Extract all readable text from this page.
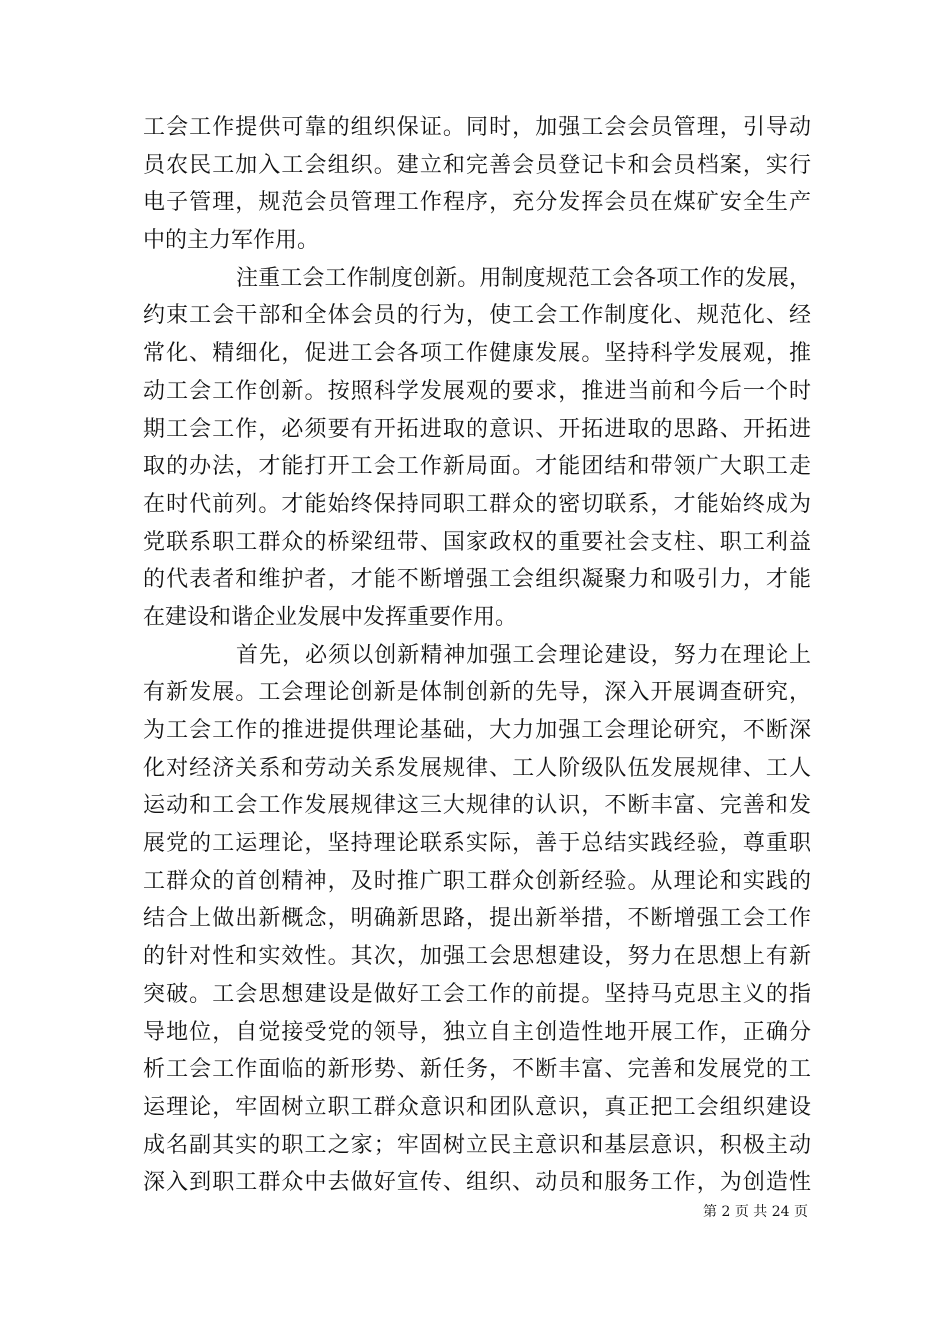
工会工作提供可靠的组织保证。同时，加强工会会员管理，引导动
员农民工加入工会组织。建立和完善会员登记卡和会员档案，实行
电子管理，规范会员管理工作程序，充分发挥会员在煤矿安全生产
中的主力军作用。
注重工会工作制度创新。用制度规范工会各项工作的发展，
约束工会干部和全体会员的行为，使工会工作制度化、规范化、经
常化、精细化，促进工会各项工作健康发展。坚持科学发展观，推
动工会工作创新。按照科学发展观的要求，推进当前和今后一个时
期工会工作，必须要有开拓进取的意识、开拓进取的思路、开拓进
取的办法，才能打开工会工作新局面。才能团结和带领广大职工走
在时代前列。才能始终保持同职工群众的密切联系，才能始终成为
党联系职工群众的桥梁纽带、国家政权的重要社会支柱、职工利益
的代表者和维护者，才能不断增强工会组织凝聚力和吸引力，才能
在建设和谐企业发展中发挥重要作用。
首先，必须以创新精神加强工会理论建设，努力在理论上
有新发展。工会理论创新是体制创新的先导，深入开展调查研究，
为工会工作的推进提供理论基础，大力加强工会理论研究，不断深
化对经济关系和劳动关系发展规律、工人阶级队伍发展规律、工人
运动和工会工作发展规律这三大规律的认识，不断丰富、完善和发
展党的工运理论，坚持理论联系实际，善于总结实践经验，尊重职
工群众的首创精神，及时推广职工群众创新经验。从理论和实践的
结合上做出新概念，明确新思路，提出新举措，不断增强工会工作
的针对性和实效性。其次，加强工会思想建设，努力在思想上有新
突破。工会思想建设是做好工会工作的前提。坚持马克思主义的指
导地位，自觉接受党的领导，独立自主创造性地开展工作，正确分
析工会工作面临的新形势、新任务，不断丰富、完善和发展党的工
运理论，牢固树立职工群众意识和团队意识，真正把工会组织建设
成名副其实的职工之家；牢固树立民主意识和基层意识，积极主动
深入到职工群众中去做好宣传、组织、动员和服务工作，为创造性
第 2 页 共 24 页
